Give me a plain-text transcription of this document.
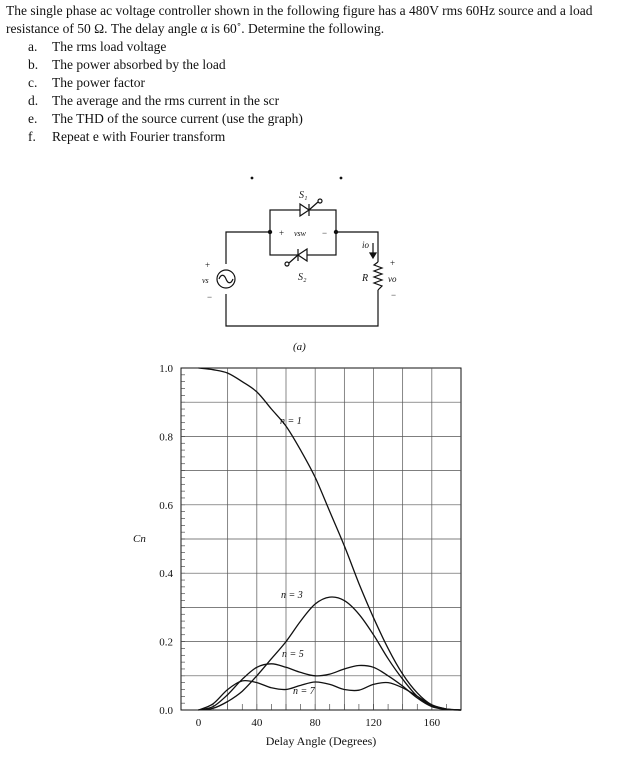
The single phase ac voltage controller shown in the following figure has a 480V rms 60Hz source and a load resistance of 50 Ω. The delay angle α is 60˚. Determine the following.

a. The rms load voltage
b. The power absorbed by the load
c. The power factor
d. The average and the rms current in the scr
e. The THD of the source current (use the graph)
f. Repeat e with Fourier transform
S₁
S₂
vsw
+	−
vs
+
−
io
R vo
+
−
(a)
0.0
0.2
0.4
0.6
0.8
1.0
0	40	80	120	160
n = 1
n = 3
n = 5
n = 7
Cn
Delay Angle (Degrees)
